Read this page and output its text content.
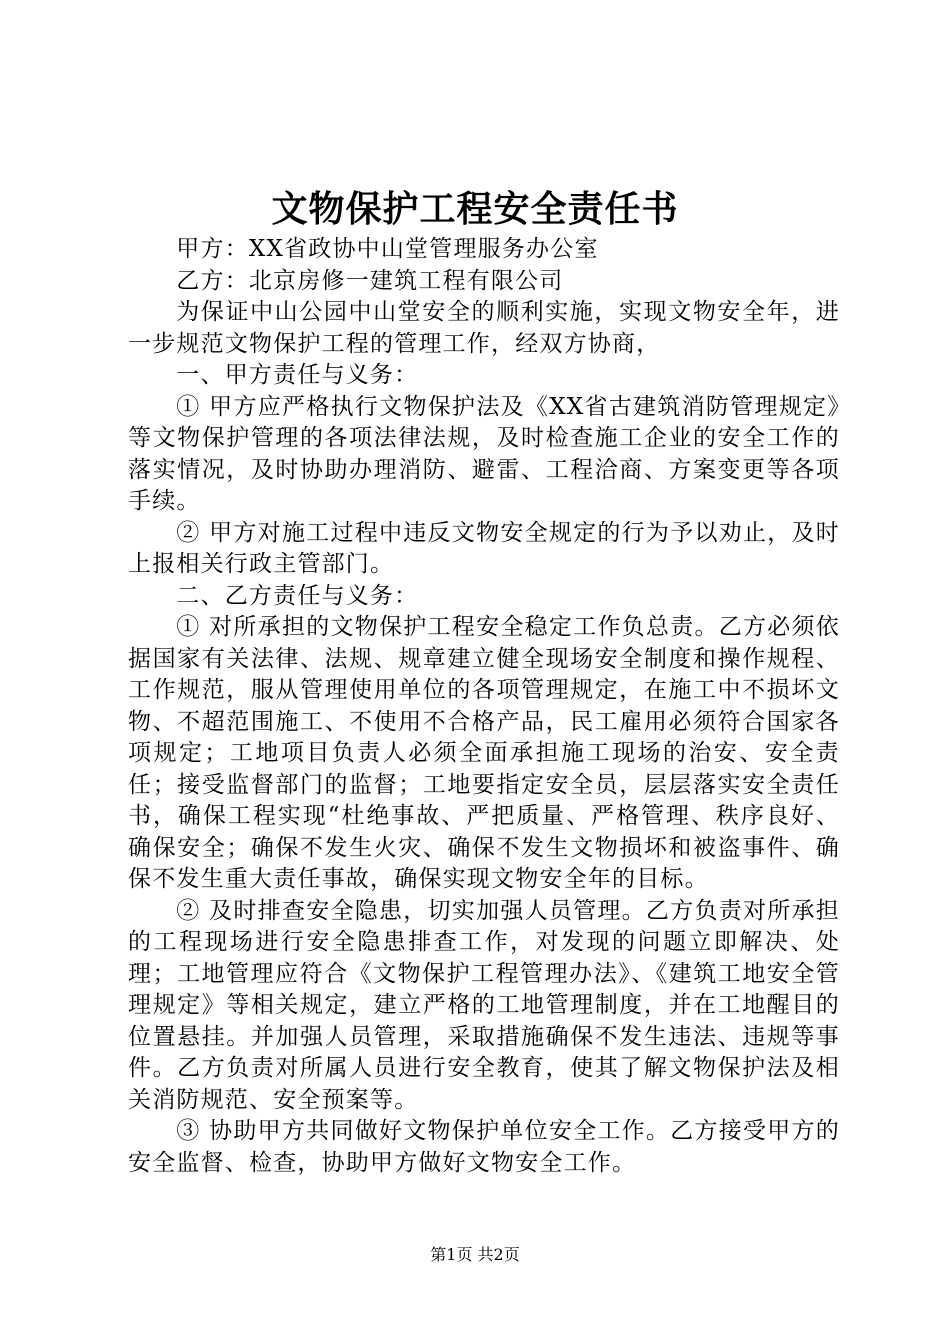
文物保护工程安全责任书

甲方：XX省政协中山堂管理服务办公室

乙方：北京房修一建筑工程有限公司

为保证中山公园中山堂安全的顺利实施，实现文物安全年，进一步规范文物保护工程的管理工作，经双方协商，

一、甲方责任与义务：

① 甲方应严格执行文物保护法及《XX省古建筑消防管理规定》等文物保护管理的各项法律法规，及时检查施工企业的安全工作的落实情况，及时协助办理消防、避雷、工程洽商、方案变更等各项手续。

② 甲方对施工过程中违反文物安全规定的行为予以劝止，及时上报相关行政主管部门。

二、乙方责任与义务：

① 对所承担的文物保护工程安全稳定工作负总责。乙方必须依据国家有关法律、法规、规章建立健全现场安全制度和操作规程、工作规范，服从管理使用单位的各项管理规定，在施工中不损坏文物、不超范围施工、不使用不合格产品，民工雇用必须符合国家各项规定；工地项目负责人必须全面承担施工现场的治安、安全责任；接受监督部门的监督；工地要指定安全员，层层落实安全责任书，确保工程实现“杜绝事故、严把质量、严格管理、秩序良好、确保安全；确保不发生火灾、确保不发生文物损坏和被盗事件、确保不发生重大责任事故，确保实现文物安全年的目标。

② 及时排查安全隐患，切实加强人员管理。乙方负责对所承担的工程现场进行安全隐患排查工作，对发现的问题立即解决、处理；工地管理应符合《文物保护工程管理办法》、《建筑工地安全管理规定》等相关规定，建立严格的工地管理制度，并在工地醒目的位置悬挂。并加强人员管理，采取措施确保不发生违法、违规等事件。乙方负责对所属人员进行安全教育，使其了解文物保护法及相关消防规范、安全预案等。

③ 协助甲方共同做好文物保护单位安全工作。乙方接受甲方的安全监督、检查，协助甲方做好文物安全工作。

第1页 共2页
